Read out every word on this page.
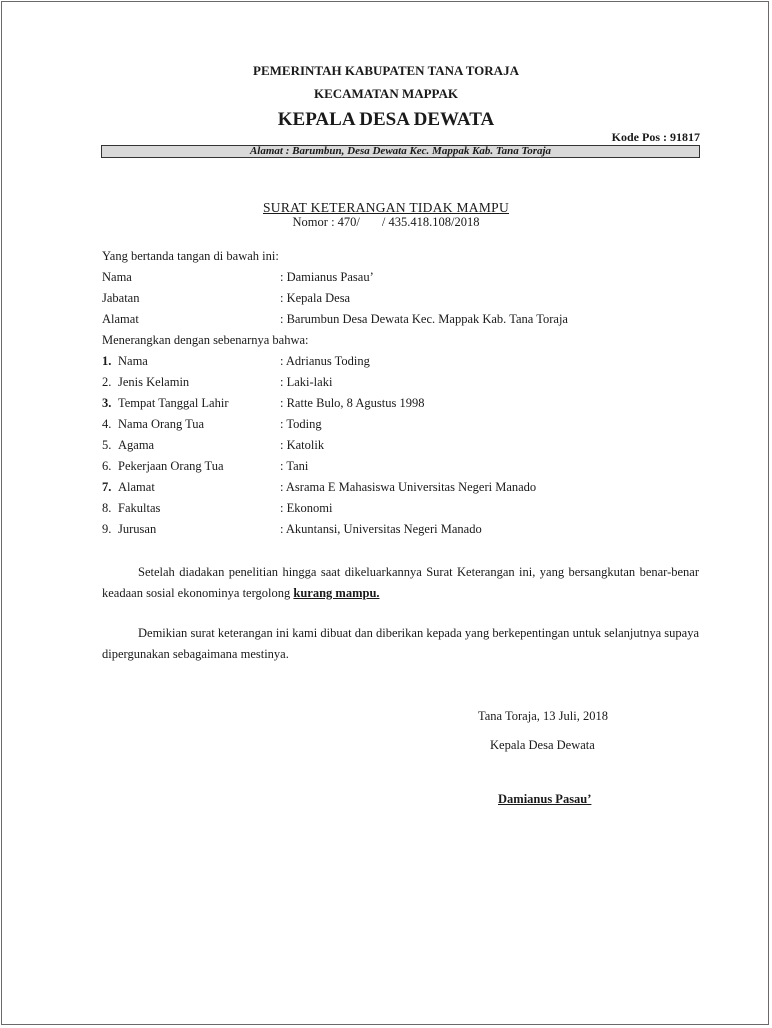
PEMERINTAH KABUPATEN TANA TORAJA
KECAMATAN MAPPAK
KEPALA DESA DEWATA
Kode Pos : 91817
Alamat : Barumbun, Desa Dewata Kec. Mappak Kab. Tana Toraja
SURAT KETERANGAN TIDAK MAMPU
Nomor : 470/ / 435.418.108/2018
Yang bertanda tangan di bawah ini:
Nama	: Damianus Pasau’
Jabatan	: Kepala Desa
Alamat	: Barumbun Desa Dewata Kec. Mappak Kab. Tana Toraja
Menerangkan dengan sebenarnya bahwa:
1. Nama	: Adrianus Toding
2. Jenis Kelamin	: Laki-laki
3. Tempat Tanggal Lahir	: Ratte Bulo, 8 Agustus 1998
4. Nama Orang Tua	: Toding
5. Agama	: Katolik
6. Pekerjaan Orang Tua	: Tani
7. Alamat	: Asrama E Mahasiswa Universitas Negeri Manado
8. Fakultas	: Ekonomi
9. Jurusan	: Akuntansi, Universitas Negeri Manado
Setelah diadakan penelitian hingga saat dikeluarkannya Surat Keterangan ini, yang bersangkutan benar-benar keadaan sosial ekonominya tergolong kurang mampu.
Demikian surat keterangan ini kami dibuat dan diberikan kepada yang berkepentingan untuk selanjutnya supaya dipergunakan sebagaimana mestinya.
Tana Toraja, 13 Juli, 2018
Kepala Desa Dewata
Damianus Pasau’
